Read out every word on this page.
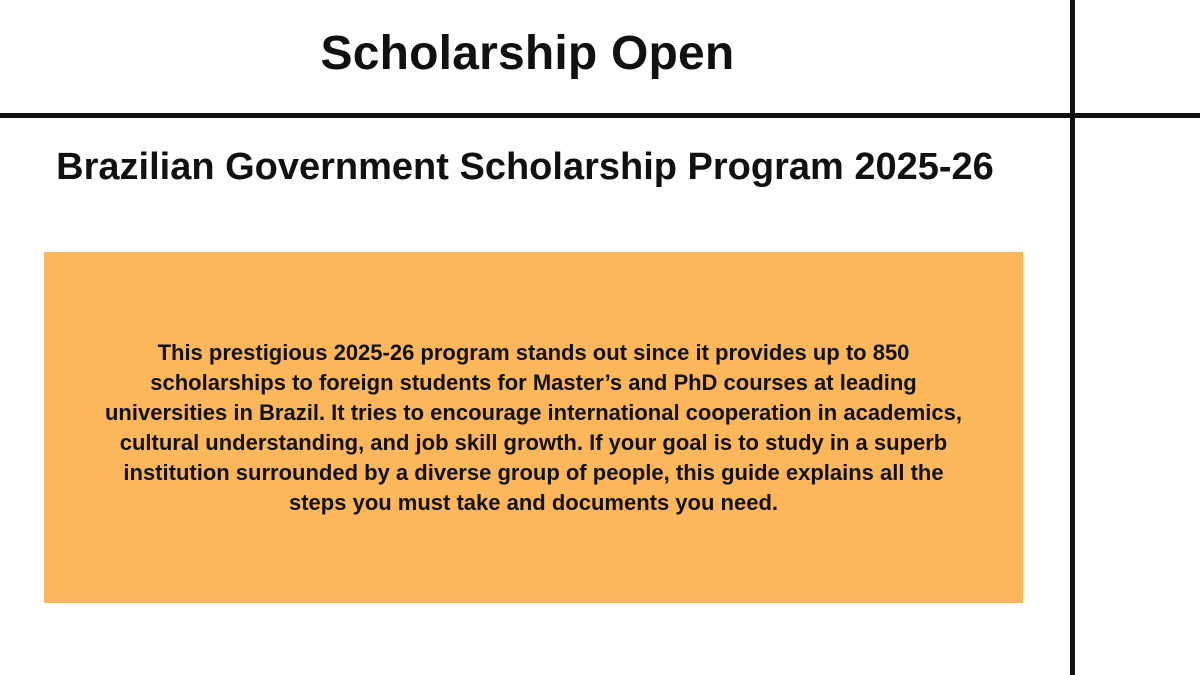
Scholarship Open
Brazilian Government Scholarship Program 2025-26
This prestigious 2025-26 program stands out since it provides up to 850 scholarships to foreign students for Master’s and PhD courses at leading universities in Brazil. It tries to encourage international cooperation in academics, cultural understanding, and job skill growth. If your goal is to study in a superb institution surrounded by a diverse group of people, this guide explains all the steps you must take and documents you need.
